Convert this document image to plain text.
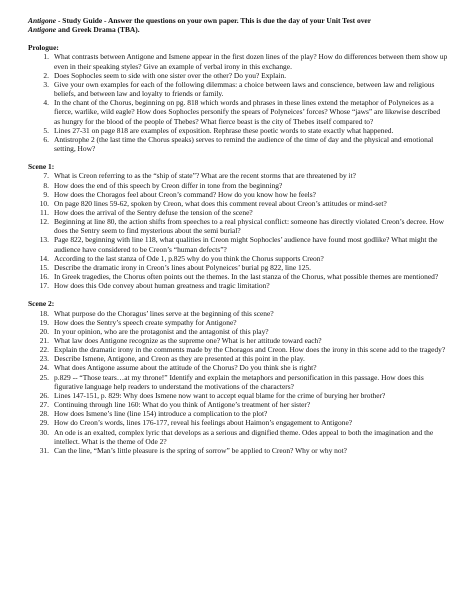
Antigone - Study Guide - Answer the questions on your own paper. This is due the day of your Unit Test over
Antigone and Greek Drama (TBA).
Prologue:
1. What contrasts between Antigone and Ismene appear in the first dozen lines of the play? How do differences between them show up even in their speaking styles? Give an example of verbal irony in this exchange.
2. Does Sophocles seem to side with one sister over the other? Do you? Explain.
3. Give your own examples for each of the following dilemmas: a choice between laws and conscience, between law and religious beliefs, and between law and loyalty to friends or family.
4. In the chant of the Chorus, beginning on pg. 818 which words and phrases in these lines extend the metaphor of Polyneices as a fierce, warlike, wild eagle? How does Sophocles personify the spears of Polyneices’ forces? Whose “jaws” are likewise described as hungry for the blood of the people of Thebes? What fierce beast is the city of Thebes itself compared to?
5. Lines 27-31 on page 818 are examples of exposition. Rephrase these poetic words to state exactly what happened.
6. Antistrophe 2 (the last time the Chorus speaks) serves to remind the audience of the time of day and the physical and emotional setting, How?
Scene 1:
7. What is Creon referring to as the “ship of state”? What are the recent storms that are threatened by it?
8. How does the end of this speech by Creon differ in tone from the beginning?
9. How does the Choragos feel about Creon’s command? How do you know how he feels?
10. On page 820 lines 59-62, spoken by Creon, what does this comment reveal about Creon’s attitudes or mind-set?
11. How does the arrival of the Sentry defuse the tension of the scene?
12. Beginning at line 80, the action shifts from speeches to a real physical conflict: someone has directly violated Creon’s decree. How does the Sentry seem to find mysterious about the semi burial?
13. Page 822, beginning with line 118, what qualities in Creon might Sophocles’ audience have found most godlike? What might the audience have considered to be Creon’s “human defects”?
14. According to the last stanza of Ode 1, p.825 why do you think the Chorus supports Creon?
15. Describe the dramatic irony in Creon’s lines about Polyneices’ burial pg 822, line 125.
16. In Greek tragedies, the Chorus often points out the themes. In the last stanza of the Chorus, what possible themes are mentioned?
17. How does this Ode convey about human greatness and tragic limitation?
Scene 2:
18. What purpose do the Choragus’ lines serve at the beginning of this scene?
19. How does the Sentry’s speech create sympathy for Antigone?
20. In your opinion, who are the protagonist and the antagonist of this play?
21. What law does Antigone recognize as the supreme one? What is her attitude toward each?
22. Explain the dramatic irony in the comments made by the Choragos and Creon. How does the irony in this scene add to the tragedy?
23. Describe Ismene, Antigone, and Creon as they are presented at this point in the play.
24. What does Antigone assume about the attitude of the Chorus? Do you think she is right?
25. p.829 -- “Those tears…at my throne!” Identify and explain the metaphors and personification in this passage. How does this figurative language help readers to understand the motivations of the characters?
26. Lines 147-151, p. 829: Why does Ismene now want to accept equal blame for the crime of burying her brother?
27. Continuing through line 160: What do you think of Antigone’s treatment of her sister?
28. How does Ismene’s line (line 154) introduce a complication to the plot?
29. How do Creon’s words, lines 176-177, reveal his feelings about Haimon’s engagement to Antigone?
30. An ode is an exalted, complex lyric that develops as a serious and dignified theme. Odes appeal to both the imagination and the intellect. What is the theme of Ode 2?
31. Can the line, “Man’s little pleasure is the spring of sorrow” be applied to Creon? Why or why not?
